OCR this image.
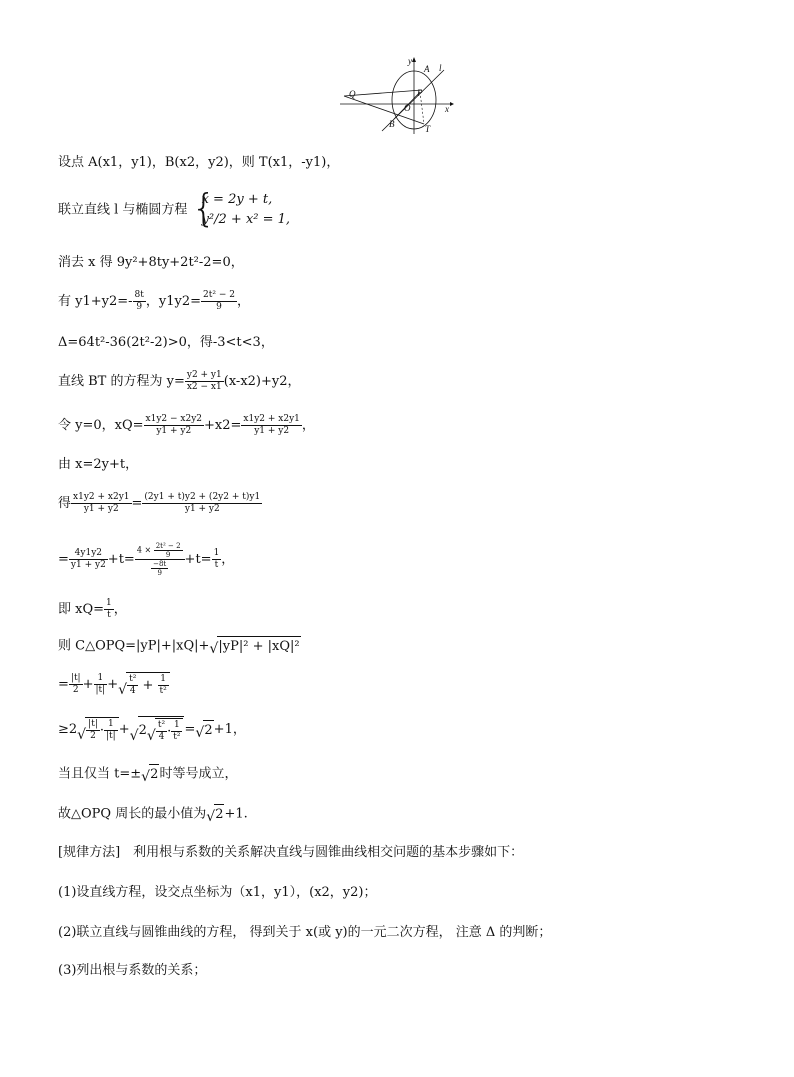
y
A l
Q	P
O	x
B	T
设点 A(x1，y1)，B(x2，y2)，则 T(x1，-y1)，
联立直线 l 与椭圆方程 {
x = 2y + t,
y²/2 + x² = 1,
消去 x 得 9y²+8ty+2t²-2=0，
有 $y1+y2=- \frac{8t}{9}$ ，$y1y2= \frac{\text{2t² − 2}}{9}$ ，
Δ=64t²-36(2t²-2)>0，得-3<t<3，
直线 BT 的方程为 $y= \frac{y2 + y1}{x2 - x1} (x-x2)+y2$，
令 y=0，$xQ= \frac{x1y2 - x2y2}{y1 + y2} +x2= \frac{x1y2 + x2y1}{y1 + y2}$ ，
由 x=2y+t，
得 $\frac{x1y2 + x2y1}{y1 + y2} = \frac{(2y1 + t)y2 + (2y2 + t)y1}{y1 + y2}$
= $\frac{4y1y2}{y1 + y2} +t= \frac{4 \times \frac{\text{2t² − 2}}{9}}{\frac{-8t}{9}} +t= \frac{1}{t}$ ，
即 $xQ= \frac{1}{t}$ ，
则 C△OPQ=|yP|+|xQ|+ √ |yP|² + |xQ|²
= $\frac{|t|}{2} + \frac{1}{|t|}$ + √ $\frac{\text{t²}}{4} + \frac{1}{\text{t²}}$
≥2 √ $\frac{|t|}{2} \cdot \frac{1}{|t|}$ + √ 2 √ $\frac{\text{t²}}{4} \cdot \frac{1}{\text{t²}}$ = √ 2+1，
当且仅当 t=± √ 2时等号成立，
故△OPQ 周长的最小值为 √ 2+1.
[规律方法]　利用根与系数的关系解决直线与圆锥曲线相交问题的基本步骤如下：
(1)设直线方程，设交点坐标为（x1，y1），(x2，y2)；
(2)联立直线与圆锥曲线的方程， 得到关于 x(或 y)的一元二次方程， 注意 Δ 的判断；
(3)列出根与系数的关系；
